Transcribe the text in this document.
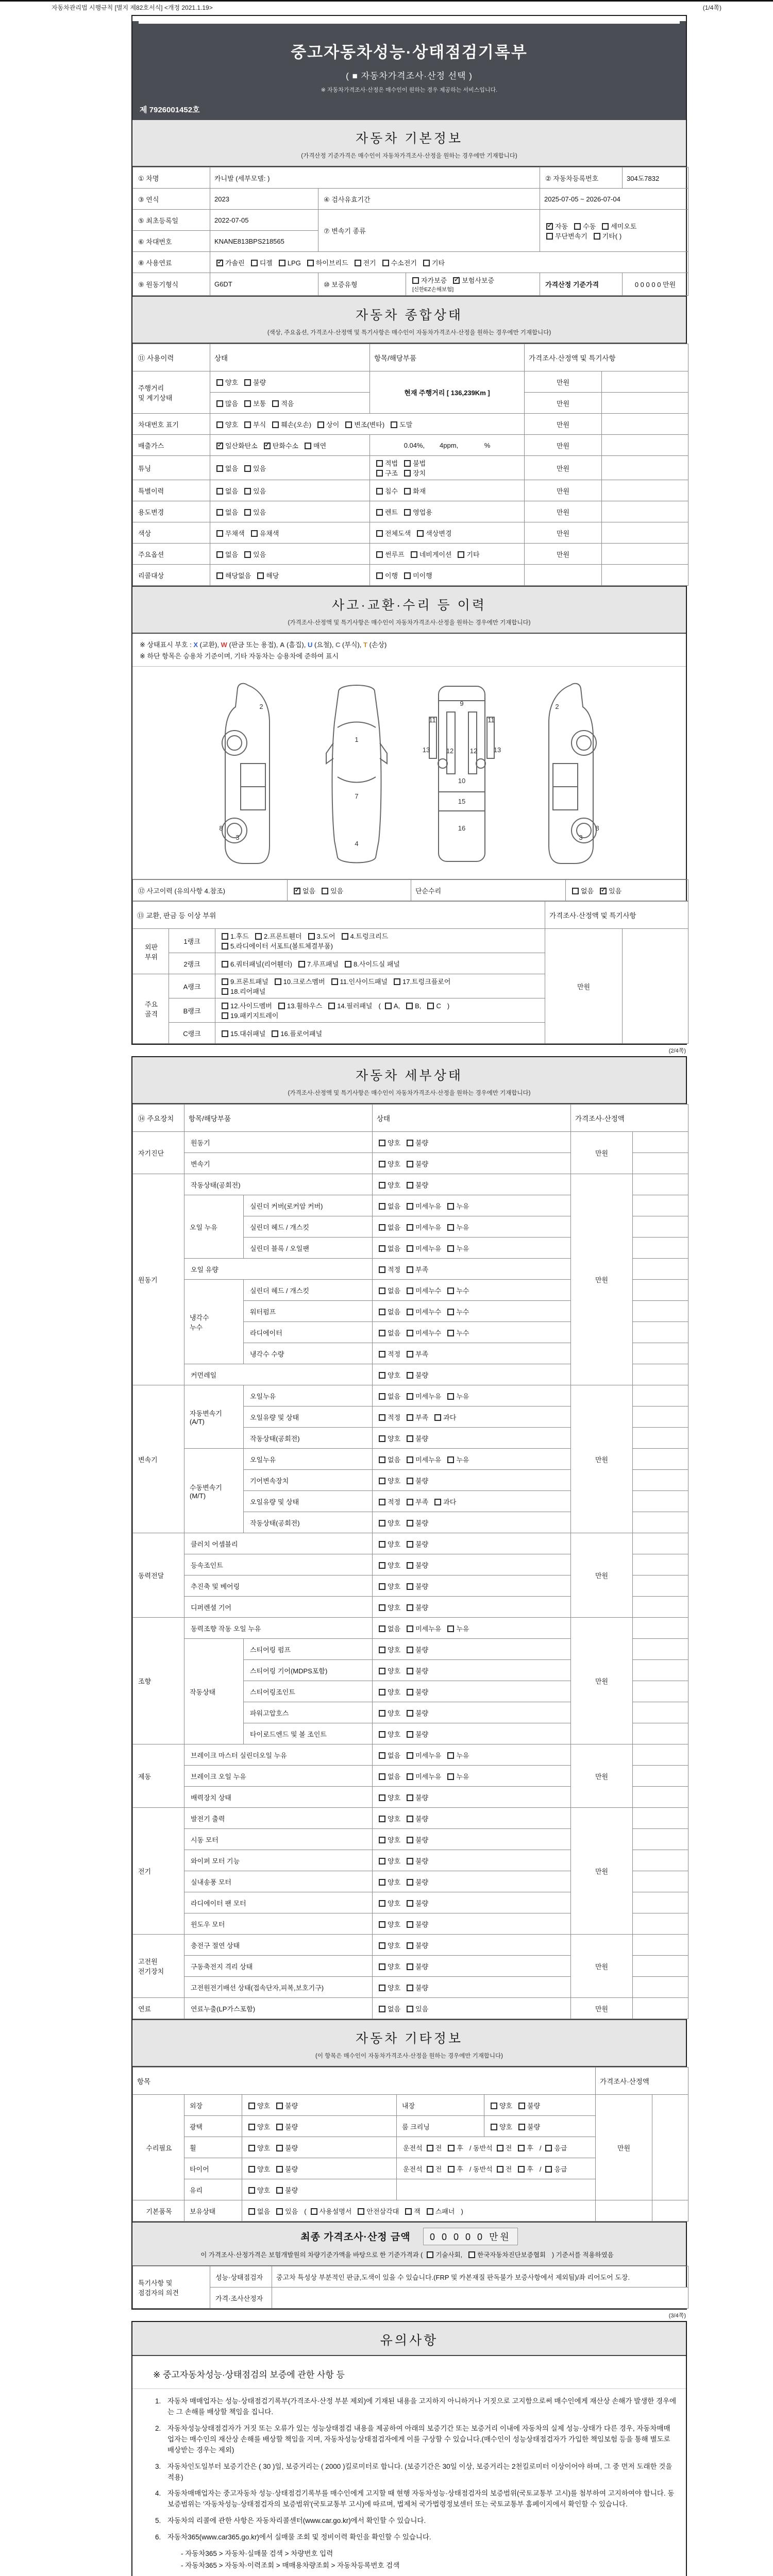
자동차관리법 시행규칙 [별지 제82호서식] <개정 2021.1.19>	(1/4쪽)
중고자동차성능·상태점검기록부
( ■ 자동차가격조사·산정 선택 )
※ 자동차가격조사·산정은 매수인이 원하는 경우 제공하는 서비스입니다.
제 7926001452호
자동차 기본정보
(가격산정 기준가격은 매수인이 자동차가격조사·산정을 원하는 경우에만 기재합니다)
① 차명	카니발 (세부모델: )			② 자동차등록번호	304도7832
③ 연식	2023	④ 검사유효기간		2025-07-05 ~ 2026-07-04	
⑤ 최초등록일	2022-07-05	⑦ 변속기 종류	✓자동 수동 세미오토
무단변속기 기타( )
⑥ 차대번호	KNANE813BPS218565				
⑧ 사용연료	✓가솔린 디젤 LPG 하이브리드 전기 수소전기 기타
⑨ 원동기형식	G6DT	⑩ 보증유형	자가보증 ✓ 보험사보증[신한EZ손해보험]	가격산정 기준가격	0 0 0 0 0 만원
자동차 종합상태
(색상, 주요옵션, 가격조사·산정액 및 특기사항은 매수인이 자동차가격조사·산정을 원하는 경우에만 기재합니다)
⑪ 사용이력	상태	항목/해당부품	가격조사·산정액 및 특기사항	
주행거리
및 계기상태	양호 불량	현재 주행거리 [ 136,239Km ]	만원	
	많음 보통 적음		만원	
차대번호 표기	양호 부식 훼손(오손) 상이 변조(변타) 도말		만원	
배출가스	✓일산화탄소 ✓ 탄화수소 매연	0.04%,        4ppm,              %	만원	
튜닝	없음 있음	적법 불법구조 장치	만원	
특별이력	없음 있음	침수 화재	만원	
용도변경	없음 있음	렌트 영업용	만원	
색상	무채색 유채색	전체도색 색상변경	만원	
주요옵션	없음 있음	썬루프 네비게이션 기타	만원	
리콜대상	해당없음 해당	이행 미이행		
사고·교환·수리 등 이력
(가격조사·산정액 및 특기사항은 매수인이 자동차가격조사·산정을 원하는 경우에만 기재합니다)
※ 상태표시 부호 : X (교환), W (판금 또는 용접), A (흠집), U (요철), C (부식), T (손상)
※ 하단 항목은 승용차 기준이며, 기타 자동차는 승용차에 준하여 표시
2
8
3
1
7
4
9
11	11
13	13
12 12
10
15
16
2
8
3
⑫ 사고이력 (유의사항 4.참조)	✓없음 있음	단순수리	없음 ✓ 있음
⑬ 교환, 판금 등 이상 부위			가격조사·산정액 및 특기사항	
외판
부위	1랭크	1.후드 2.프론트휀더 3.도어 4.트렁크리드
5.라디에이터 서포트(볼트체결부품)	만원	
	2랭크	6.쿼터패널(리어휀더) 7.루프패널 8.사이드실 패널		
주요
골격	A랭크	9.프론트패널 10.크로스멤버 11.인사이드패널 17.트렁크플로어
18.리어패널		
	B랭크	12.사이드멤버 13.휠하우스 14.필러패널 ( A, B, C )
19.패키지트레이		
	C랭크	15.대쉬패널 16.플로어패널		
(2/4쪽)
자동차 세부상태
(가격조사·산정액 및 특기사항은 매수인이 자동차가격조사·산정을 원하는 경우에만 기재합니다)
⑭ 주요장치	항목/해당부품		상태	가격조사·산정액	
자기진단	원동기		양호 불량	만원	
	변속기		양호 불량		
원동기	작동상태(공회전)		양호 불량	만원	
	오일 누유	실린더 커버(로커암 커버)	없음 미세누유 누유		
		실린더 헤드 / 개스킷	없음 미세누유 누유		
		실린더 블록 / 오일팬	없음 미세누유 누유		
	오일 유량		적정 부족		
	냉각수
누수	실린더 헤드 / 개스킷	없음 미세누수 누수		
		워터펌프	없음 미세누수 누수		
		라디에이터	없음 미세누수 누수		
		냉각수 수량	적정 부족		
	커먼레일		양호 불량		
변속기	자동변속기
(A/T)	오일누유	없음 미세누유 누유	만원	
		오일유량 및 상태	적정 부족 과다		
		작동상태(공회전)	양호 불량		
	수동변속기
(M/T)	오일누유	없음 미세누유 누유		
		기어변속장치	양호 불량		
		오일유량 및 상태	적정 부족 과다		
		작동상태(공회전)	양호 불량		
동력전달	클러치 어셈블리		양호 불량	만원	
	등속조인트		양호 불량		
	추진축 및 베어링		양호 불량		
	디퍼렌셜 기어		양호 불량		
조향	동력조향 작동 오일 누유		없음 미세누유 누유	만원	
	작동상태	스티어링 펌프	양호 불량		
		스티어링 기어(MDPS포함)	양호 불량		
		스티어링조인트	양호 불량		
		파워고압호스	양호 불량		
		타이로드엔드 및 볼 조인트	양호 불량		
제동	브레이크 마스터 실린더오일 누유		없음 미세누유 누유	만원	
	브레이크 오일 누유		없음 미세누유 누유		
	배력장치 상태		양호 불량		
전기	발전기 출력		양호 불량	만원	
	시동 모터		양호 불량		
	와이퍼 모터 기능		양호 불량		
	실내송풍 모터		양호 불량		
	라디에이터 팬 모터		양호 불량		
	윈도우 모터		양호 불량		
고전원
전기장치	충전구 절연 상태		양호 불량	만원	
	구동축전지 격리 상태		양호 불량		
	고전원전기배선 상태(접속단자,피복,보호기구)		양호 불량		
연료	연료누출(LP가스포함)		없음 있음	만원	
자동차 기타정보
(이 항목은 매수인이 자동차가격조사·산정을 원하는 경우에만 기재합니다)
항목					가격조사·산정액	
수리필요	외장	양호 불량	내장	양호 불량	만원	
	광택	양호 불량	룸 크리닝	양호 불량		
	휠	양호 불량	운전석 전 후 / 동반석 전 후 / 응급			
	타이어	양호 불량	운전석 전 후 / 동반석 전 후 / 응급			
	유리	양호 불량				
기본품목	보유상태	없음 있음 ( 사용설명서 안전삼각대 잭 스패너 )				
최종 가격조사·산정 금액 0 0 0 0 0 만원
이 가격조사·산정가격은 보험개발원의 차량기준가액을 바탕으로 한 기준가격과 ( 기술사회, 한국자동차진단보증협회 ) 기준서를 적용하였음
특기사항 및
점검자의 의견	성능·상태점검자	중고차 특성상 부분적인 판금,도색이 있을 수 있습니다.(FRP 및 카본재질 판독불가 보증사항에서 제외됨)/좌 리어도어 도장.
	가격·조사산정자	
(3/4쪽)
유의사항
※ 중고자동차성능·상태점검의 보증에 관한 사항 등
1. 자동차 매매업자는 성능·상태점검기록부(가격조사·산정 부분 제외)에 기재된 내용을 고지하지 아니하거나 거짓으로 고지함으로써 매수인에게 재산상 손해가 발생한 경우에는 그 손해를 배상할 책임을 집니다.
2. 자동차성능상태점검자가 거짓 또는 오류가 있는 성능상태점검 내용을 제공하여 아래의 보증기간 또는 보증거리 이내에 자동차의 실제 성능·상태가 다른 경우, 자동차매매업자는 매수인의 재산상 손해를 배상할 책임을 지며, 자동차성능상태점검자에게 이를 구상할 수 있습니다.(매수인이 성능상태점검자가 가입한 책임보험 등을 통해 별도로 배상받는 경우는 제외)
3. 자동차인도일부터 보증기간은 ( 30 )일, 보증거리는 ( 2000 )킬로미터로 합니다. (보증기간은 30일 이상, 보증거리는 2천킬로미터 이상이어야 하며, 그 중 먼저 도래한 것을 적용)
4. 자동차매매업자는 중고자동차 성능·상태점검기록부를 매수인에게 고지할 때 현행 자동차성능·상태점검자의 보증범위(국토교통부 고시)를 첨부하여 고지하여야 합니다. 동 보증범위는 '자동차성능·상태점검자의 보증범위'(국토교통부 고시)에 따르며, 법제처 국가법령정보센터 또는 국토교통부 홈페이지에서 확인할 수 있습니다.
5. 자동차의 리콜에 관한 사항은 자동차리콜센터(www.car.go.kr)에서 확인할 수 있습니다.
6. 자동차365(www.car365.go.kr)에서 실매물 조회 및 정비이력 확인을 확인할 수 있습니다.
- 자동차365 > 자동차·실매물 검색 > 차량번호 입력
- 자동차365 > 자동차·이력조회 > 매매용차량조회 > 자동차등록번호 검색
